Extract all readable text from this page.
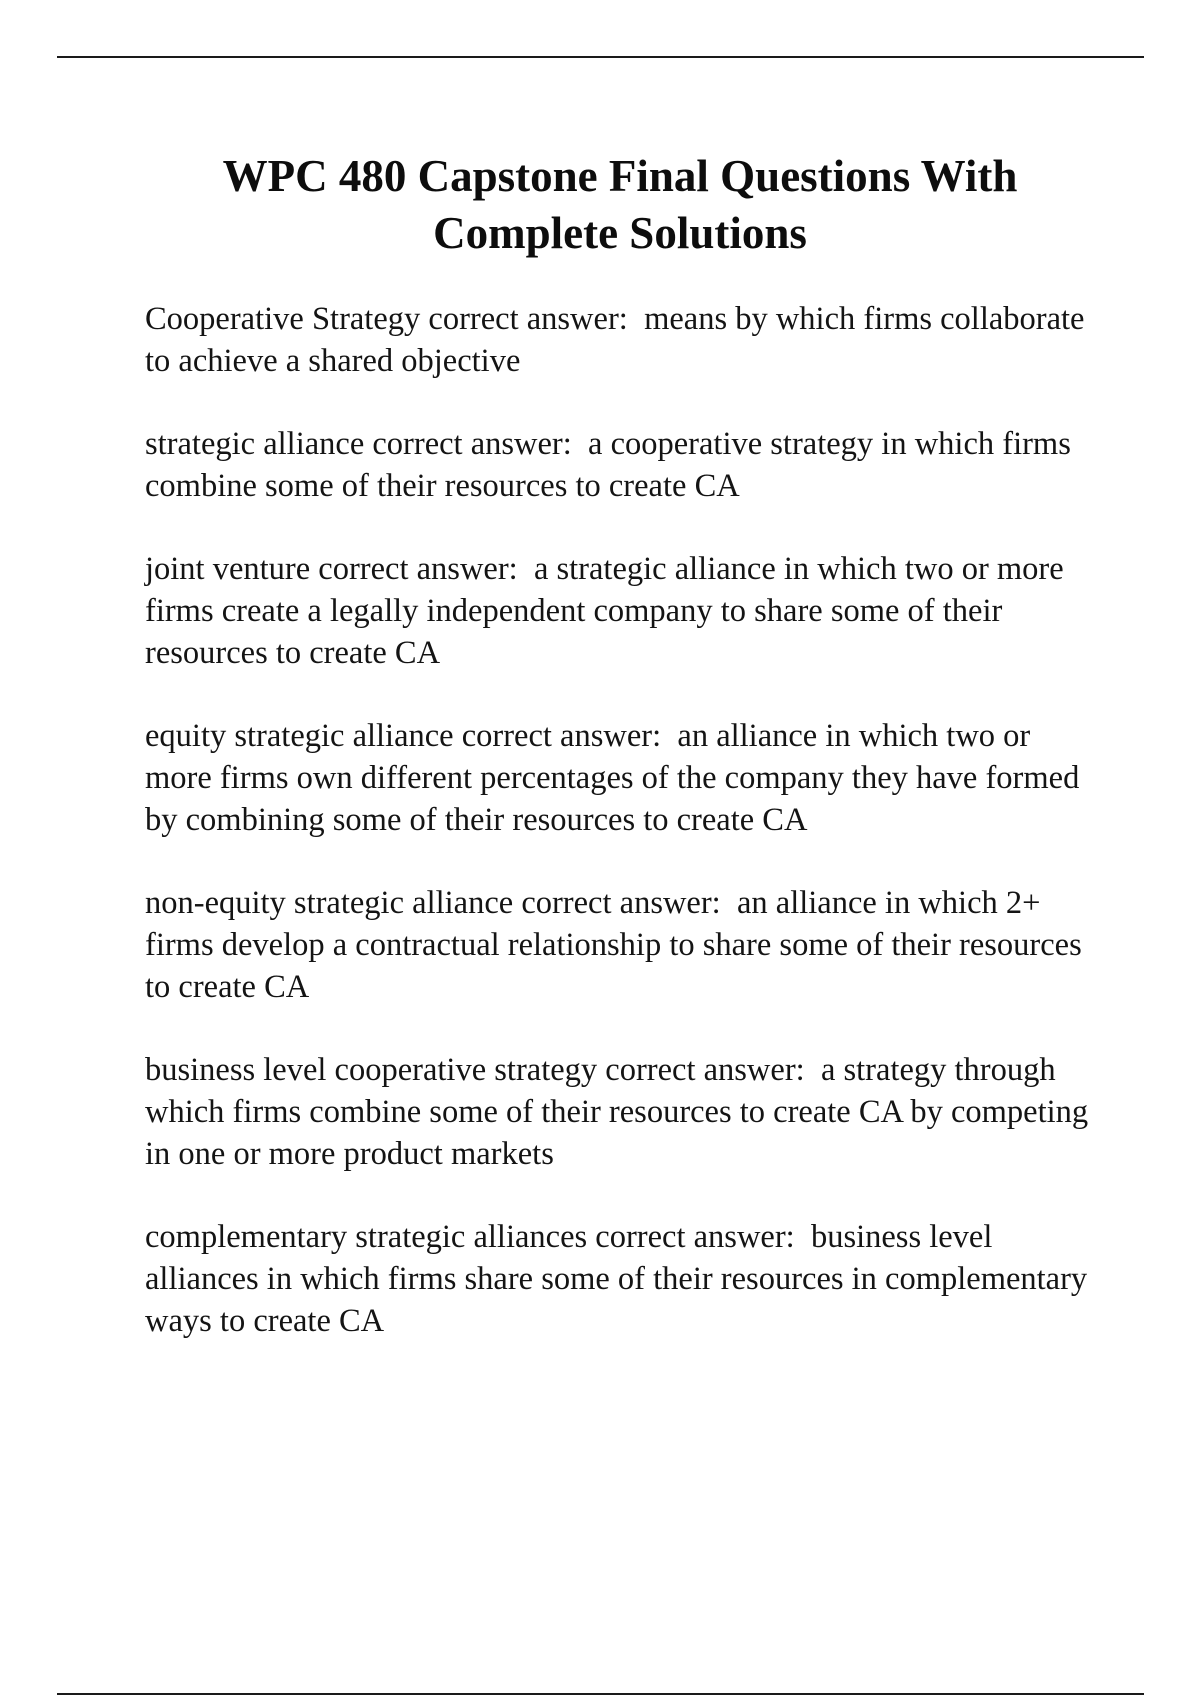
WPC 480 Capstone Final Questions With
Complete Solutions

Cooperative Strategy correct answer:  means by which firms collaborate to achieve a shared objective

strategic alliance correct answer:  a cooperative strategy in which firms combine some of their resources to create CA

joint venture correct answer:  a strategic alliance in which two or more firms create a legally independent company to share some of their resources to create CA

equity strategic alliance correct answer:  an alliance in which two or more firms own different percentages of the company they have formed by combining some of their resources to create CA

non-equity strategic alliance correct answer:  an alliance in which 2+ firms develop a contractual relationship to share some of their resources to create CA

business level cooperative strategy correct answer:  a strategy through which firms combine some of their resources to create CA by competing in one or more product markets

complementary strategic alliances correct answer:  business level alliances in which firms share some of their resources in complementary ways to create CA
